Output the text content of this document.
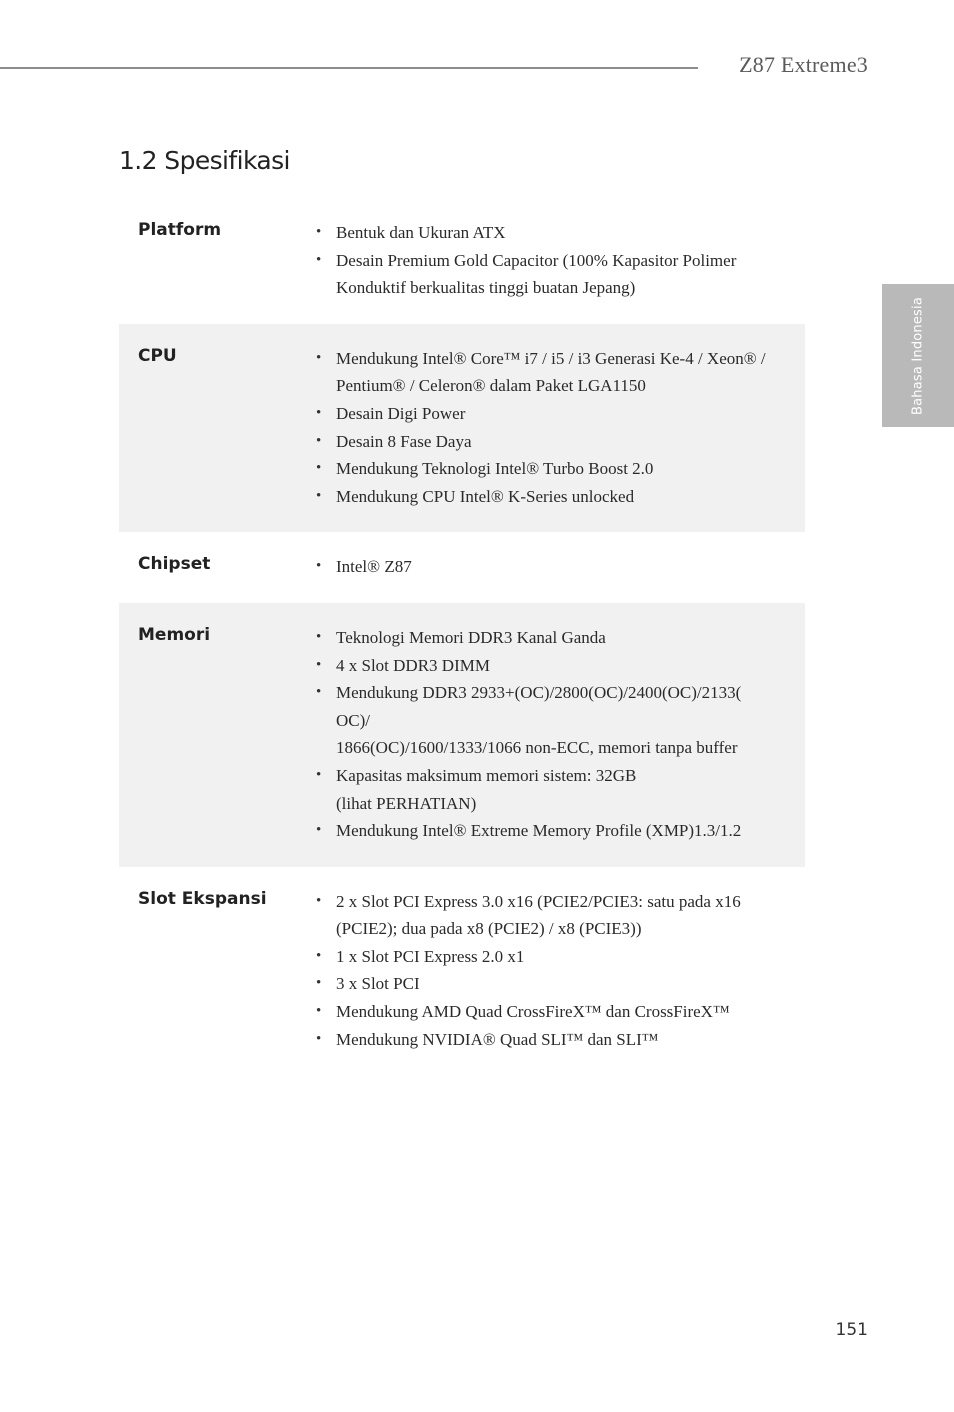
Z87 Extreme3
1.2 Spesifikasi
Bahasa Indonesia
Platform	• Bentuk dan Ukuran ATX
• Desain Premium Gold Capacitor (100% Kapasitor Polimer
Konduktif berkualitas tinggi buatan Jepang)
CPU	• Mendukung Intel® Core™ i7 / i5 / i3 Generasi Ke-4 / Xeon® /
Pentium® / Celeron® dalam Paket LGA1150
• Desain Digi Power
• Desain 8 Fase Daya
• Mendukung Teknologi Intel® Turbo Boost 2.0
• Mendukung CPU Intel® K-Series unlocked
Chipset	• Intel® Z87
Memori	• Teknologi Memori DDR3 Kanal Ganda
• 4 x Slot DDR3 DIMM
• Mendukung DDR3 2933+(OC)/2800(OC)/2400(OC)/2133(
OC)/
1866(OC)/1600/1333/1066 non-ECC, memori tanpa buffer
• Kapasitas maksimum memori sistem: 32GB
(lihat PERHATIAN)
• Mendukung Intel® Extreme Memory Profile (XMP)1.3/1.2
Slot Ekspansi	• 2 x Slot PCI Express 3.0 x16 (PCIE2/PCIE3: satu pada x16
(PCIE2); dua pada x8 (PCIE2) / x8 (PCIE3))
• 1 x Slot PCI Express 2.0 x1
• 3 x Slot PCI
• Mendukung AMD Quad CrossFireX™ dan CrossFireX™
• Mendukung NVIDIA® Quad SLI™ dan SLI™
151
